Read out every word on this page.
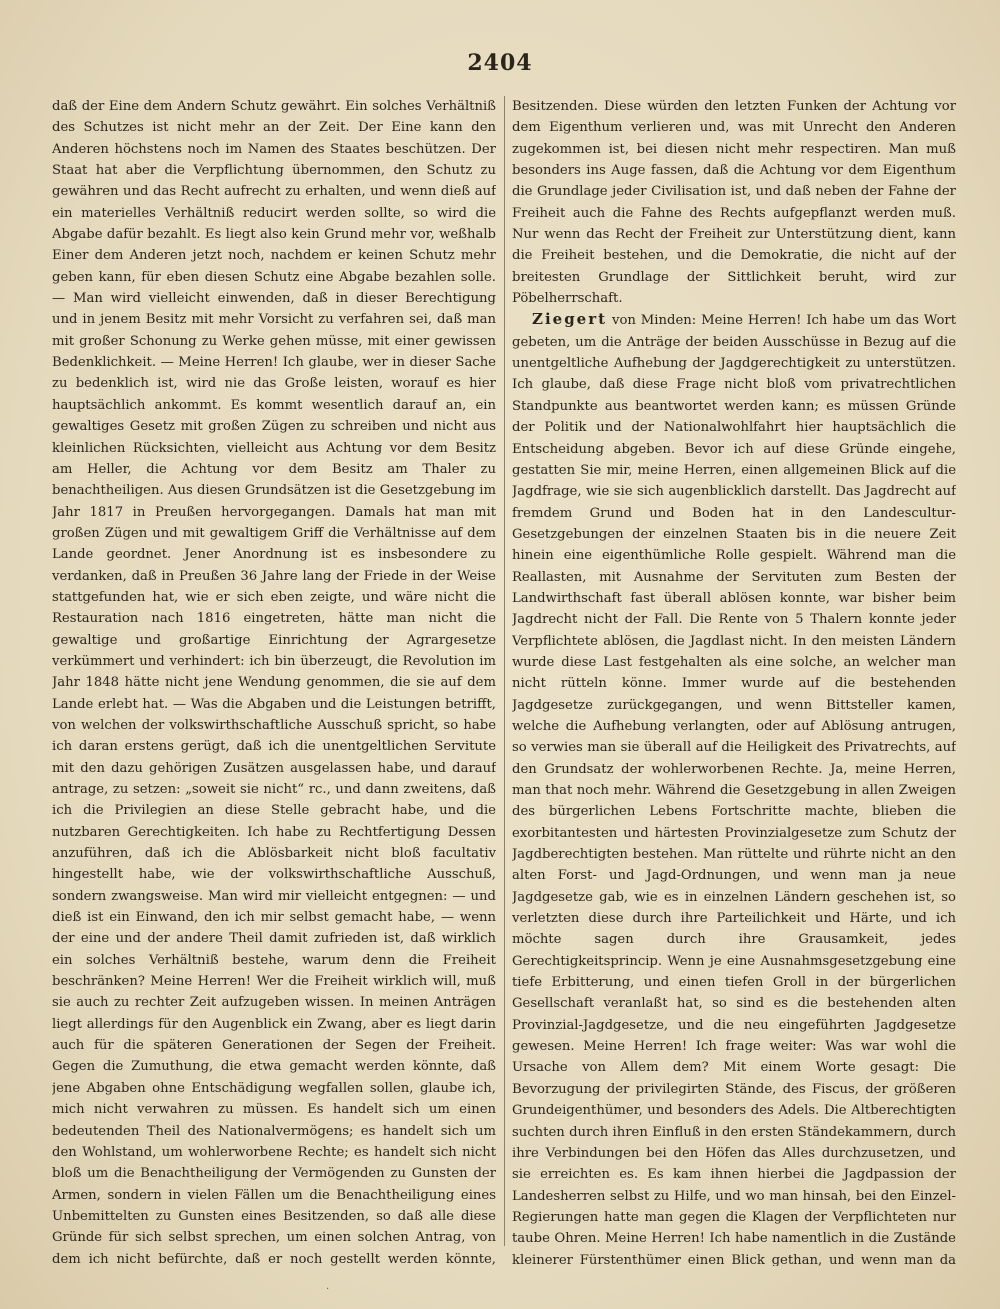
2404

daß der Eine dem Andern Schutz gewährt. Ein solches Verhältniß des Schutzes ist nicht mehr an der Zeit. Der Eine kann den Anderen höchstens noch im Namen des Staates beschützen. Der Staat hat aber die Verpflichtung übernommen, den Schutz zu gewähren und das Recht aufrecht zu erhalten, und wenn dieß auf ein materielles Verhältniß reducirt werden sollte, so wird die Abgabe dafür bezahlt. Es liegt also kein Grund mehr vor, weßhalb Einer dem Anderen jetzt noch, nachdem er keinen Schutz mehr geben kann, für eben diesen Schutz eine Abgabe bezahlen solle. — Man wird vielleicht einwenden, daß in dieser Berechtigung und in jenem Besitz mit mehr Vorsicht zu verfahren sei, daß man mit großer Schonung zu Werke gehen müsse, mit einer gewissen Bedenklichkeit. — Meine Herren! Ich glaube, wer in dieser Sache zu bedenklich ist, wird nie das Große leisten, worauf es hier hauptsächlich ankommt. Es kommt wesentlich darauf an, ein gewaltiges Gesetz mit großen Zügen zu schreiben und nicht aus kleinlichen Rücksichten, vielleicht aus Achtung vor dem Besitz am Heller, die Achtung vor dem Besitz am Thaler zu benachtheiligen. Aus diesen Grundsätzen ist die Gesetzgebung im Jahr 1817 in Preußen hervorgegangen. Damals hat man mit großen Zügen und mit gewaltigem Griff die Verhältnisse auf dem Lande geordnet. Jener Anordnung ist es insbesondere zu verdanken, daß in Preußen 36 Jahre lang der Friede in der Weise stattgefunden hat, wie er sich eben zeigte, und wäre nicht die Restauration nach 1816 eingetreten, hätte man nicht die gewaltige und großartige Einrichtung der Agrargesetze verkümmert und verhindert: ich bin überzeugt, die Revolution im Jahr 1848 hätte nicht jene Wendung genommen, die sie auf dem Lande erlebt hat. — Was die Abgaben und die Leistungen betrifft, von welchen der volkswirthschaftliche Ausschuß spricht, so habe ich daran erstens gerügt, daß ich die unentgeltlichen Servitute mit den dazu gehörigen Zusätzen ausgelassen habe, und darauf antrage, zu setzen: „soweit sie nicht“ rc., und dann zweitens, daß ich die Privilegien an diese Stelle gebracht habe, und die nutzbaren Gerechtigkeiten. Ich habe zu Rechtfertigung Dessen anzuführen, daß ich die Ablösbarkeit nicht bloß facultativ hingestellt habe, wie der volkswirthschaftliche Ausschuß, sondern zwangsweise. Man wird mir vielleicht entgegnen: — und dieß ist ein Einwand, den ich mir selbst gemacht habe, — wenn der eine und der andere Theil damit zufrieden ist, daß wirklich ein solches Verhältniß bestehe, warum denn die Freiheit beschränken? Meine Herren! Wer die Freiheit wirklich will, muß sie auch zu rechter Zeit aufzugeben wissen. In meinen Anträgen liegt allerdings für den Augenblick ein Zwang, aber es liegt darin auch für die späteren Generationen der Segen der Freiheit. Gegen die Zumuthung, die etwa gemacht werden könnte, daß jene Abgaben ohne Entschädigung wegfallen sollen, glaube ich, mich nicht verwahren zu müssen. Es handelt sich um einen bedeutenden Theil des Nationalvermögens; es handelt sich um den Wohlstand, um wohlerworbene Rechte; es handelt sich nicht bloß um die Benachtheiligung der Vermögenden zu Gunsten der Armen, sondern in vielen Fällen um die Benachtheiligung eines Unbemittelten zu Gunsten eines Besitzenden, so daß alle diese Gründe für sich selbst sprechen, um einen solchen Antrag, von dem ich nicht befürchte, daß er noch gestellt werden könnte,

Besitzenden. Diese würden den letzten Funken der Achtung vor dem Eigenthum verlieren und, was mit Unrecht den Anderen zugekommen ist, bei diesen nicht mehr respectiren. Man muß besonders ins Auge fassen, daß die Achtung vor dem Eigenthum die Grundlage jeder Civilisation ist, und daß neben der Fahne der Freiheit auch die Fahne des Rechts aufgepflanzt werden muß. Nur wenn das Recht der Freiheit zur Unterstützung dient, kann die Freiheit bestehen, und die Demokratie, die nicht auf der breitesten Grundlage der Sittlichkeit beruht, wird zur Pöbelherrschaft.

Ziegert von Minden: Meine Herren! Ich habe um das Wort gebeten, um die Anträge der beiden Ausschüsse in Bezug auf die unentgeltliche Aufhebung der Jagdgerechtigkeit zu unterstützen. Ich glaube, daß diese Frage nicht bloß vom privatrechtlichen Standpunkte aus beantwortet werden kann; es müssen Gründe der Politik und der Nationalwohlfahrt hier hauptsächlich die Entscheidung abgeben. Bevor ich auf diese Gründe eingehe, gestatten Sie mir, meine Herren, einen allgemeinen Blick auf die Jagdfrage, wie sie sich augenblicklich darstellt. Das Jagdrecht auf fremdem Grund und Boden hat in den Landescultur-Gesetzgebungen der einzelnen Staaten bis in die neuere Zeit hinein eine eigenthümliche Rolle gespielt. Während man die Reallasten, mit Ausnahme der Servituten zum Besten der Landwirthschaft fast überall ablösen konnte, war bisher beim Jagdrecht nicht der Fall. Die Rente von 5 Thalern konnte jeder Verpflichtete ablösen, die Jagdlast nicht. In den meisten Ländern wurde diese Last festgehalten als eine solche, an welcher man nicht rütteln könne. Immer wurde auf die bestehenden Jagdgesetze zurückgegangen, und wenn Bittsteller kamen, welche die Aufhebung verlangten, oder auf Ablösung antrugen, so verwies man sie überall auf die Heiligkeit des Privatrechts, auf den Grundsatz der wohlerworbenen Rechte. Ja, meine Herren, man that noch mehr. Während die Gesetzgebung in allen Zweigen des bürgerlichen Lebens Fortschritte machte, blieben die exorbitantesten und härtesten Provinzialgesetze zum Schutz der Jagdberechtigten bestehen. Man rüttelte und rührte nicht an den alten Forst- und Jagd-Ordnungen, und wenn man ja neue Jagdgesetze gab, wie es in einzelnen Ländern geschehen ist, so verletzten diese durch ihre Parteilichkeit und Härte, und ich möchte sagen durch ihre Grausamkeit, jedes Gerechtigkeitsprincip. Wenn je eine Ausnahmsgesetzgebung eine tiefe Erbitterung, und einen tiefen Groll in der bürgerlichen Gesellschaft veranlaßt hat, so sind es die bestehenden alten Provinzial-Jagdgesetze, und die neu eingeführten Jagdgesetze gewesen. Meine Herren! Ich frage weiter: Was war wohl die Ursache von Allem dem? Mit einem Worte gesagt: Die Bevorzugung der privilegirten Stände, des Fiscus, der größeren Grundeigenthümer, und besonders des Adels. Die Altberechtigten suchten durch ihren Einfluß in den ersten Ständekammern, durch ihre Verbindungen bei den Höfen das Alles durchzusetzen, und sie erreichten es. Es kam ihnen hierbei die Jagdpassion der Landesherren selbst zu Hilfe, und wo man hinsah, bei den Einzel-Regierungen hatte man gegen die Klagen der Verpflichteten nur taube Ohren. Meine Herren! Ich habe namentlich in die Zustände kleinerer Fürstenthümer einen Blick gethan, und wenn man da

·
